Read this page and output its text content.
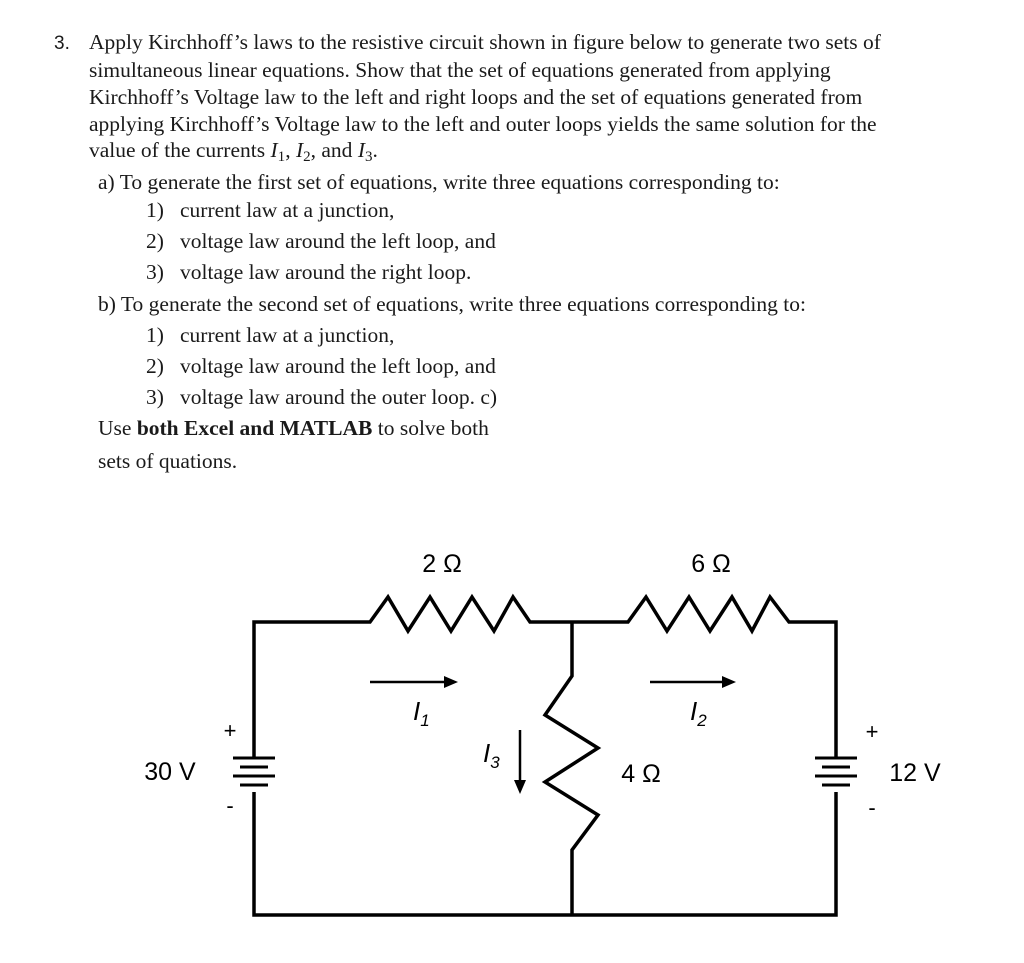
3. Apply Kirchhoff’s laws to the resistive circuit shown in figure below to generate two sets of
simultaneous linear equations. Show that the set of equations generated from applying
Kirchhoff’s Voltage law to the left and right loops and the set of equations generated from
applying Kirchhoff’s Voltage law to the left and outer loops yields the same solution for the
value of the currents $I_1$, $I_2$, and $I_3$.
a) To generate the first set of equations, write three equations corresponding to:
1) current law at a junction,
2) voltage law around the left loop, and
3) voltage law around the right loop.
b) To generate the second set of equations, write three equations corresponding to:
1) current law at a junction,
2) voltage law around the left loop, and
3) voltage law around the outer loop. c)
Use both Excel and MATLAB to solve both
sets of quations.
2 Ω	6 Ω
4 Ω
30 V	12 V
+
-
+
-
$I_1$	$I_2$
$I_3$
